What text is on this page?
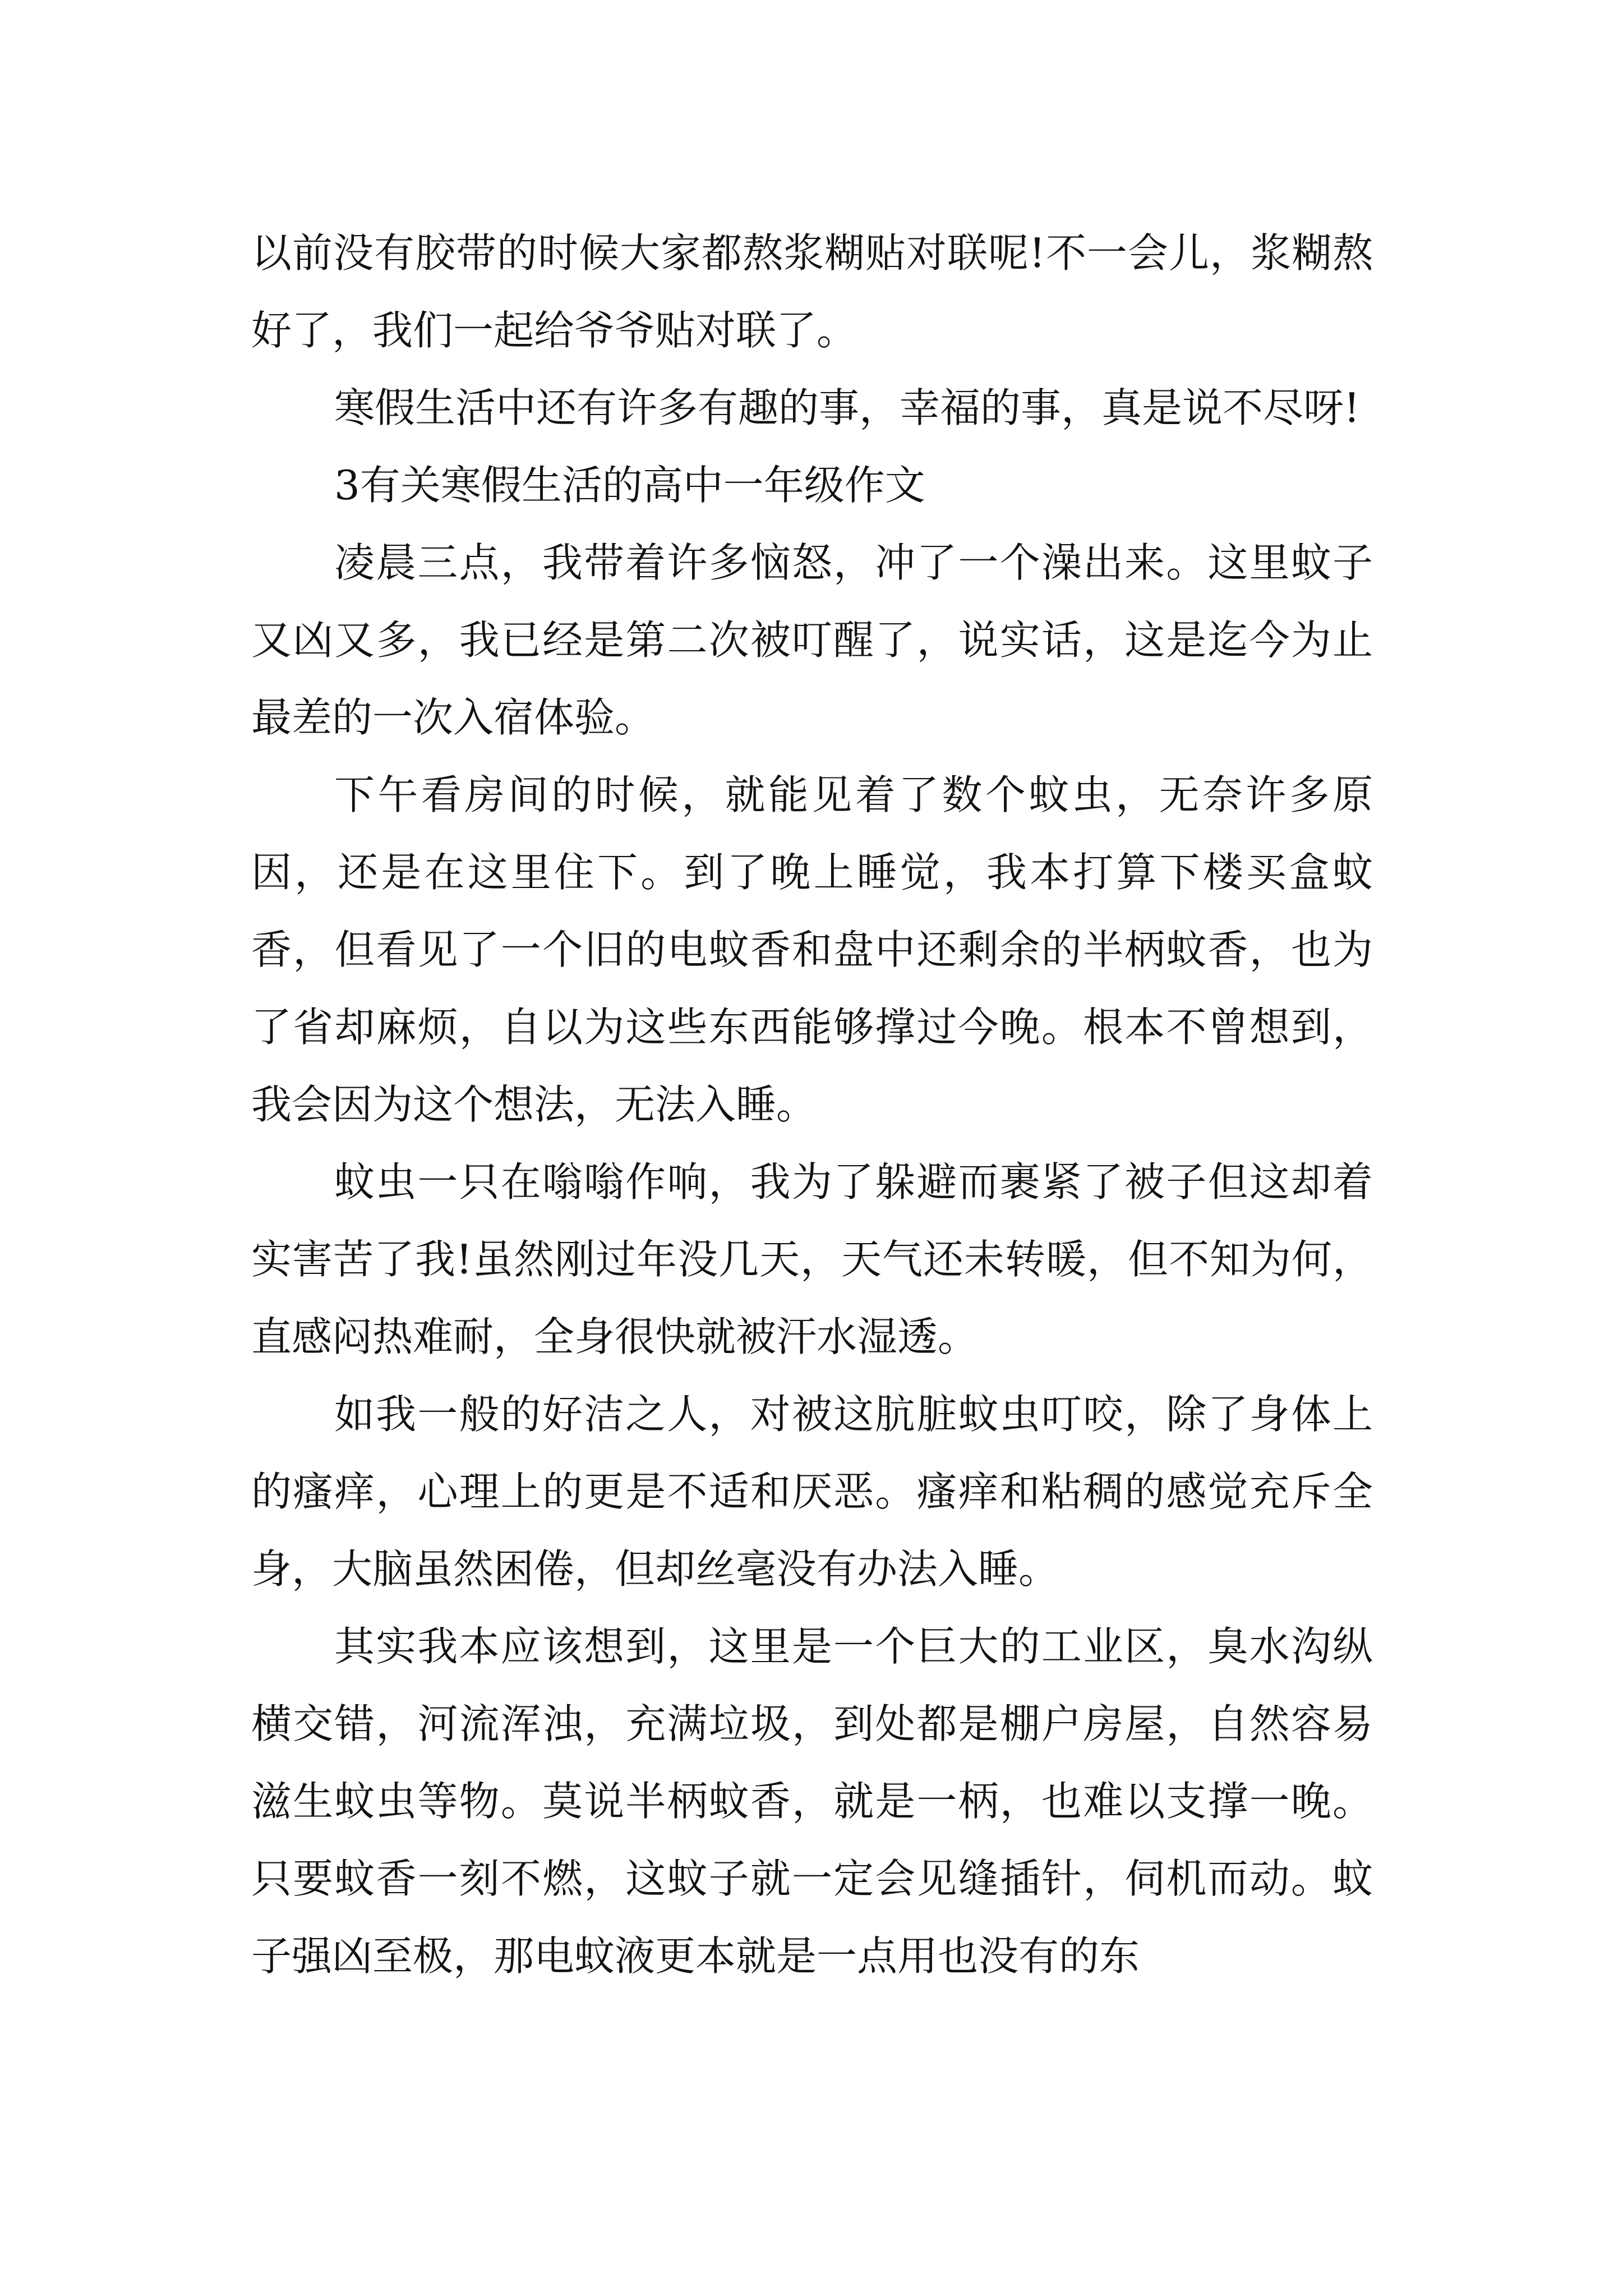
以前没有胶带的时候大家都熬浆糊贴对联呢!不一会儿，浆糊熬好了，我们一起给爷爷贴对联了。

寒假生活中还有许多有趣的事，幸福的事，真是说不尽呀!

3有关寒假生活的高中一年级作文

凌晨三点，我带着许多恼怒，冲了一个澡出来。这里蚊子又凶又多，我已经是第二次被叮醒了，说实话，这是迄今为止最差的一次入宿体验。

下午看房间的时候，就能见着了数个蚊虫，无奈许多原因，还是在这里住下。到了晚上睡觉，我本打算下楼买盒蚊香，但看见了一个旧的电蚊香和盘中还剩余的半柄蚊香，也为了省却麻烦，自以为这些东西能够撑过今晚。根本不曾想到，我会因为这个想法，无法入睡。

蚊虫一只在嗡嗡作响，我为了躲避而裹紧了被子但这却着实害苦了我!虽然刚过年没几天，天气还未转暖，但不知为何，直感闷热难耐，全身很快就被汗水湿透。

如我一般的好洁之人，对被这肮脏蚊虫叮咬，除了身体上的瘙痒，心理上的更是不适和厌恶。瘙痒和粘稠的感觉充斥全身，大脑虽然困倦，但却丝毫没有办法入睡。

其实我本应该想到，这里是一个巨大的工业区，臭水沟纵横交错，河流浑浊，充满垃圾，到处都是棚户房屋，自然容易滋生蚊虫等物。莫说半柄蚊香，就是一柄，也难以支撑一晚。只要蚊香一刻不燃，这蚊子就一定会见缝插针，伺机而动。蚊子强凶至极，那电蚊液更本就是一点用也没有的东
